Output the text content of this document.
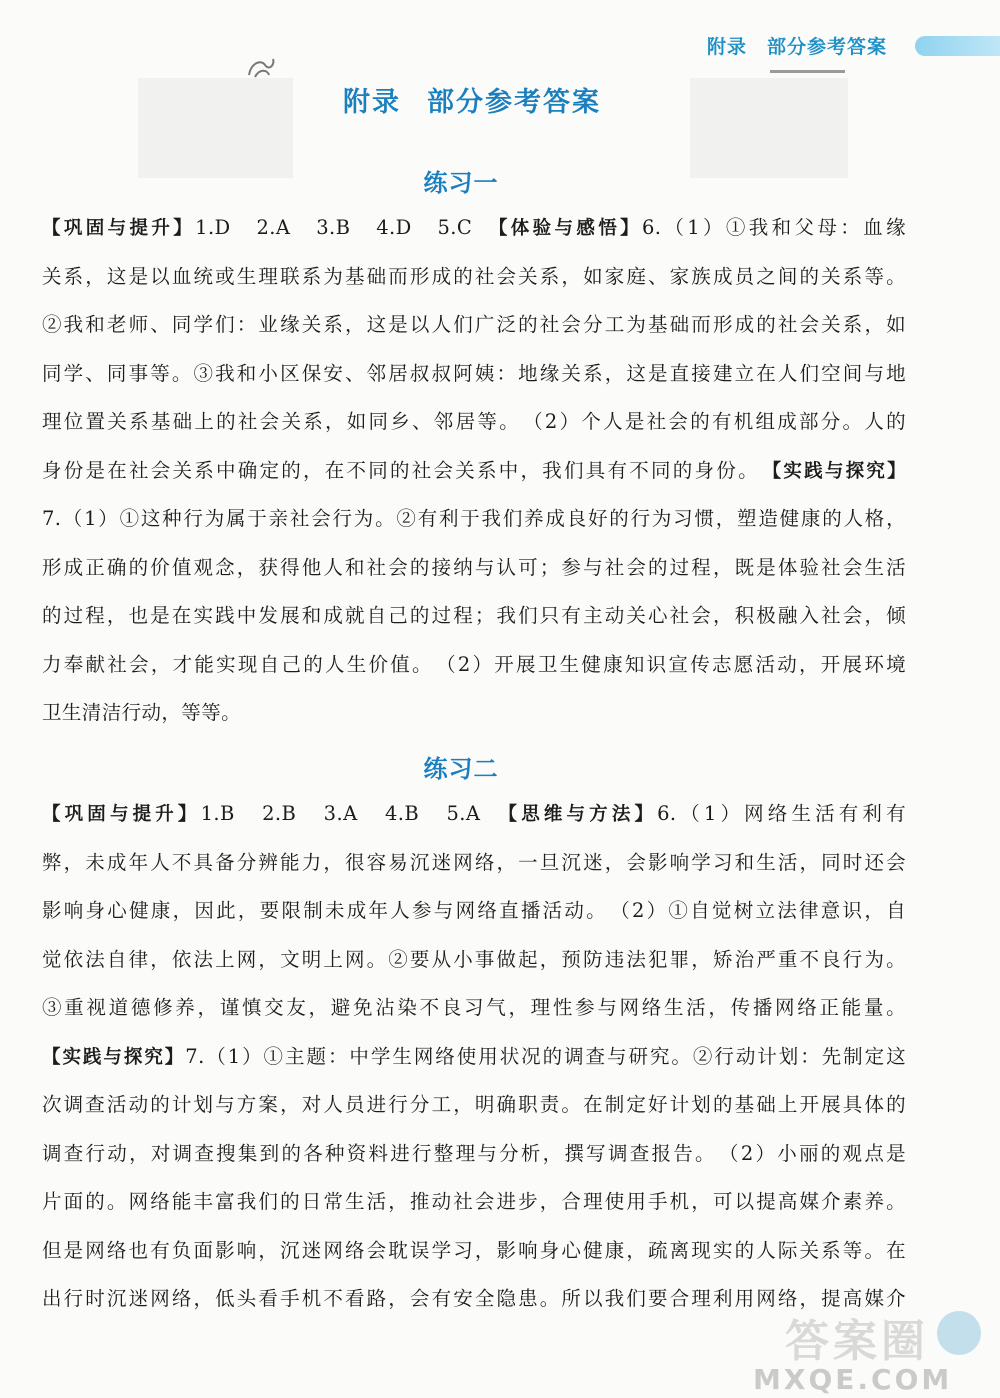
附录 部分参考答案
附录 部分参考答案
练习一
【巩固与提升】1.D　2.A　3.B　4.D　5.C　【体验与感悟】6.（1）①我和父母：血缘
关系，这是以血统或生理联系为基础而形成的社会关系，如家庭、家族成员之间的关系等。
②我和老师、同学们：业缘关系，这是以人们广泛的社会分工为基础而形成的社会关系，如
同学、同事等。③我和小区保安、邻居叔叔阿姨：地缘关系，这是直接建立在人们空间与地
理位置关系基础上的社会关系，如同乡、邻居等。　（2）个人是社会的有机组成部分。人的
身份是在社会关系中确定的，在不同的社会关系中，我们具有不同的身份。　 【实践与探究】
7.（1）①这种行为属于亲社会行为。②有利于我们养成良好的行为习惯，塑造健康的人格，
形成正确的价值观念，获得他人和社会的接纳与认可；参与社会的过程，既是体验社会生活
的过程，也是在实践中发展和成就自己的过程；我们只有主动关心社会，积极融入社会，倾
力奉献社会，才能实现自己的人生价值。　（2）开展卫生健康知识宣传志愿活动，开展环境
卫生清洁行动，等等。
练习二
【巩固与提升】1.B　2.B　3.A　4.B　5.A　【思维与方法】6.（1）网络生活有利有
弊，未成年人不具备分辨能力，很容易沉迷网络，一旦沉迷，会影响学习和生活，同时还会
影响身心健康，因此，要限制未成年人参与网络直播活动。　（2）①自觉树立法律意识，自
觉依法自律，依法上网，文明上网。②要从小事做起，预防违法犯罪，矫治严重不良行为。
③重视道德修养，谨慎交友，避免沾染不良习气，理性参与网络生活，传播网络正能量。
【实践与探究】7.（1）①主题：中学生网络使用状况的调查与研究。②行动计划：先制定这
次调查活动的计划与方案，对人员进行分工，明确职责。在制定好计划的基础上开展具体的
调查行动，对调查搜集到的各种资料进行整理与分析，撰写调查报告。　（2）小丽的观点是
片面的。网络能丰富我们的日常生活，推动社会进步，合理使用手机，可以提高媒介素养。
但是网络也有负面影响，沉迷网络会耽误学习，影响身心健康，疏离现实的人际关系等。在
出行时沉迷网络，低头看手机不看路，会有安全隐患。所以我们要合理利用网络，提高媒介
答案圈
MXQE.COM
